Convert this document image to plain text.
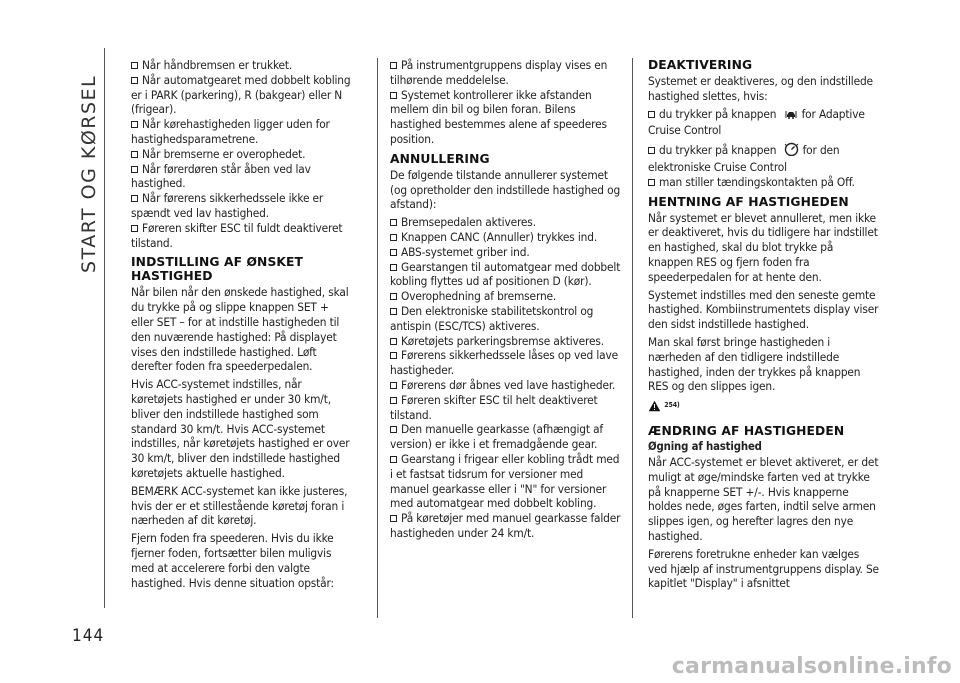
START OG KØRSEL
144

Når håndbremsen er trukket.

Når automatgearet med dobbelt kobling er i PARK (parkering), R (bakgear) eller N (frigear).

Når kørehastigheden ligger uden for hastighedsparametrene.

Når bremserne er overophedet.

Når førerdøren står åben ved lav hastighed.

Når førerens sikkerhedssele ikke er spændt ved lav hastighed.

Føreren skifter ESC til fuldt deaktiveret tilstand.

INDSTILLING AF ØNSKET HASTIGHED

Når bilen når den ønskede hastighed, skal du trykke på og slippe knappen SET + eller SET – for at indstille hastigheden til den nuværende hastighed: På displayet vises den indstillede hastighed. Løft derefter foden fra speederpedalen.

Hvis ACC-systemet indstilles, når køretøjets hastighed er under 30 km/t, bliver den indstillede hastighed som standard 30 km/t. Hvis ACC-systemet indstilles, når køretøjets hastighed er over 30 km/t, bliver den indstillede hastighed køretøjets aktuelle hastighed.

BEMÆRK ACC-systemet kan ikke justeres, hvis der er et stillestående køretøj foran i nærheden af dit køretøj.

Fjern foden fra speederen. Hvis du ikke fjerner foden, fortsætter bilen muligvis med at accelerere forbi den valgte hastighed. Hvis denne situation opstår:

På instrumentgruppens display vises en tilhørende meddelelse.

Systemet kontrollerer ikke afstanden mellem din bil og bilen foran. Bilens hastighed bestemmes alene af speederes position.

ANNULLERING

De følgende tilstande annullerer systemet (og opretholder den indstillede hastighed og afstand):

Bremsepedalen aktiveres.

Knappen CANC (Annuller) trykkes ind.

ABS-systemet griber ind.

Gearstangen til automatgear med dobbelt kobling flyttes ud af positionen D (kør).

Overophedning af bremserne.

Den elektroniske stabilitetskontrol og antispin (ESC/TCS) aktiveres.

Køretøjets parkeringsbremse aktiveres.

Førerens sikkerhedssele låses op ved lave hastigheder.

Førerens dør åbnes ved lave hastigheder.

Føreren skifter ESC til helt deaktiveret tilstand.

Den manuelle gearkasse (afhængigt af version) er ikke i et fremadgående gear.

Gearstang i frigear eller kobling trådt med i et fastsat tidsrum for versioner med manuel gearkasse eller i "N" for versioner med automatgear med dobbelt kobling.

På køretøjer med manuel gearkasse falder hastigheden under 24 km/t.

DEAKTIVERING

Systemet er deaktiveres, og den indstillede hastighed slettes, hvis:

du trykker på knappen for Adaptive Cruise Control

du trykker på knappen for den elektroniske Cruise Control

man stiller tændingskontakten på Off.

HENTNING AF HASTIGHEDEN

Når systemet er blevet annulleret, men ikke er deaktiveret, hvis du tidligere har indstillet en hastighed, skal du blot trykke på knappen RES og fjern foden fra speederpedalen for at hente den.

Systemet indstilles med den seneste gemte hastighed. Kombiinstrumentets display viser den sidst indstillede hastighed.

Man skal først bringe hastigheden i nærheden af den tidligere indstillede hastighed, inden der trykkes på knappen RES og den slippes igen.

254)
ÆNDRING AF HASTIGHEDEN
Øgning af hastighed

Når ACC-systemet er blevet aktiveret, er det muligt at øge/mindske farten ved at trykke på knapperne SET +/-. Hvis knapperne holdes nede, øges farten, indtil selve armen slippes igen, og herefter lagres den nye hastighed.

Førerens foretrukne enheder kan vælges ved hjælp af instrumentgruppens display. Se kapitlet "Display" i afsnittet

carmanualsonline.info
